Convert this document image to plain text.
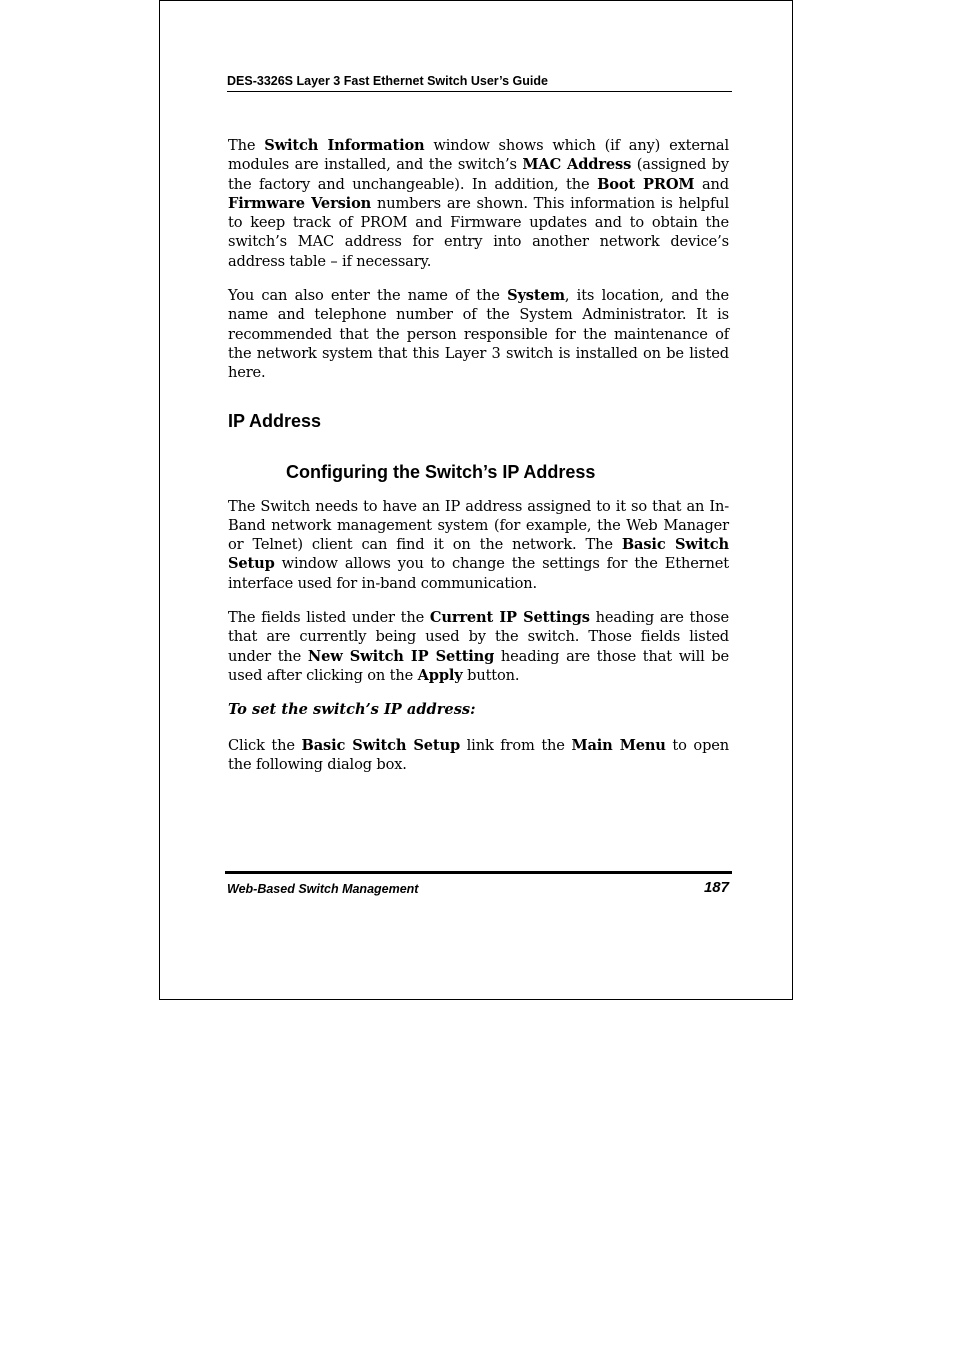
DES-3326S Layer 3 Fast Ethernet Switch User’s Guide

The Switch Information window shows which (if any) external modules are installed, and the switch’s MAC Address (assigned by the factory and unchangeable). In addition, the Boot PROM and Firmware Version numbers are shown. This information is helpful to keep track of PROM and Firmware updates and to obtain the switch’s MAC address for entry into another network device’s address table – if necessary.

You can also enter the name of the System, its location, and the name and telephone number of the System Administrator. It is recommended that the person responsible for the maintenance of the network system that this Layer 3 switch is installed on be listed here.

IP Address
Configuring the Switch’s IP Address

The Switch needs to have an IP address assigned to it so that an In-Band network management system (for example, the Web Manager or Telnet) client can find it on the network. The Basic Switch Setup window allows you to change the settings for the Ethernet interface used for in-band communication.

The fields listed under the Current IP Settings heading are those that are currently being used by the switch. Those fields listed under the New Switch IP Setting heading are those that will be used after clicking on the Apply button.

To set the switch’s IP address:

Click the Basic Switch Setup link from the Main Menu to open the following dialog box.

Web-Based Switch Management	187
